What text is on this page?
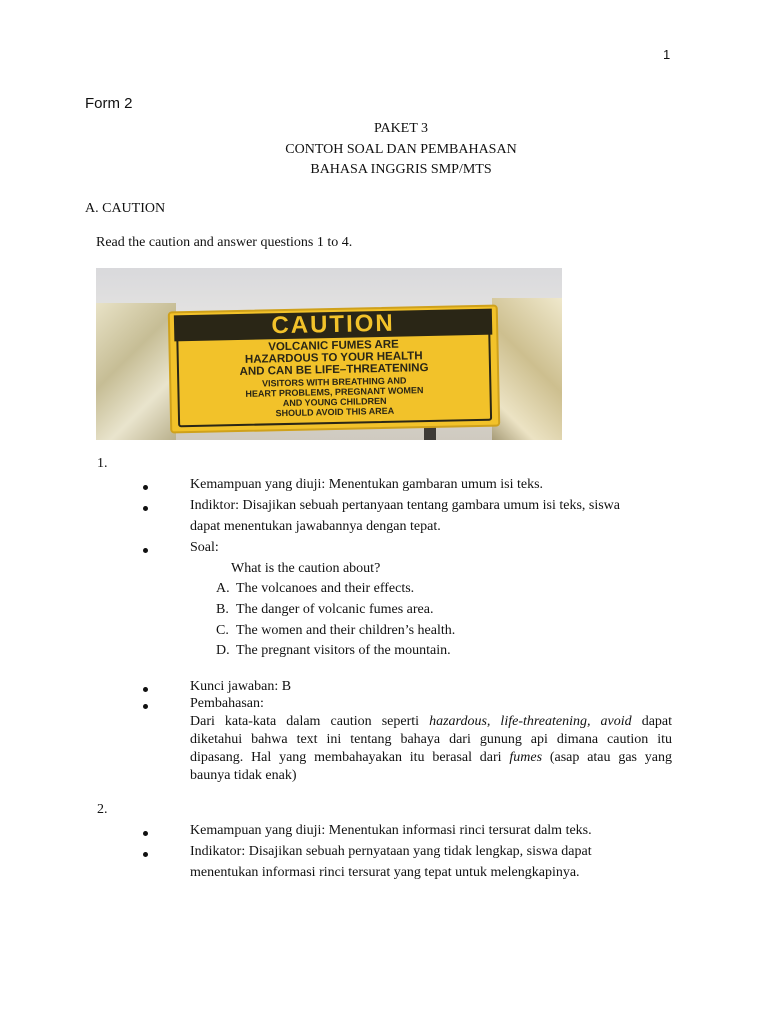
1
Form 2
PAKET 3
CONTOH SOAL DAN PEMBAHASAN
BAHASA INGGRIS SMP/MTS
A. CAUTION
Read the caution and answer questions 1 to 4.
CAUTION
VOLCANIC FUMES ARE
HAZARDOUS TO YOUR HEALTH
AND CAN BE LIFE–THREATENING
VISITORS WITH BREATHING AND
HEART PROBLEMS, PREGNANT WOMEN
AND YOUNG CHILDREN
SHOULD AVOID THIS AREA
1.
Kemampuan yang diuji: Menentukan gambaran umum isi teks.
Indiktor: Disajikan sebuah pertanyaan tentang gambara umum isi teks, siswa
dapat menentukan jawabannya dengan tepat.
Soal:
What is the caution about?
A. The volcanoes and their effects.
B. The danger of volcanic fumes area.
C. The women and their children’s health.
D. The pregnant visitors of the mountain.
Kunci jawaban: B
Pembahasan:
Dari kata-kata dalam caution seperti hazardous, life-threatening, avoid dapat
diketahui bahwa text ini tentang bahaya dari gunung api dimana caution itu
dipasang. Hal yang membahayakan itu berasal dari fumes (asap atau gas yang
baunya tidak enak)
2.
Kemampuan yang diuji: Menentukan informasi rinci tersurat dalm teks.
Indikator: Disajikan sebuah pernyataan yang tidak lengkap, siswa dapat
menentukan informasi rinci tersurat yang tepat untuk melengkapinya.
